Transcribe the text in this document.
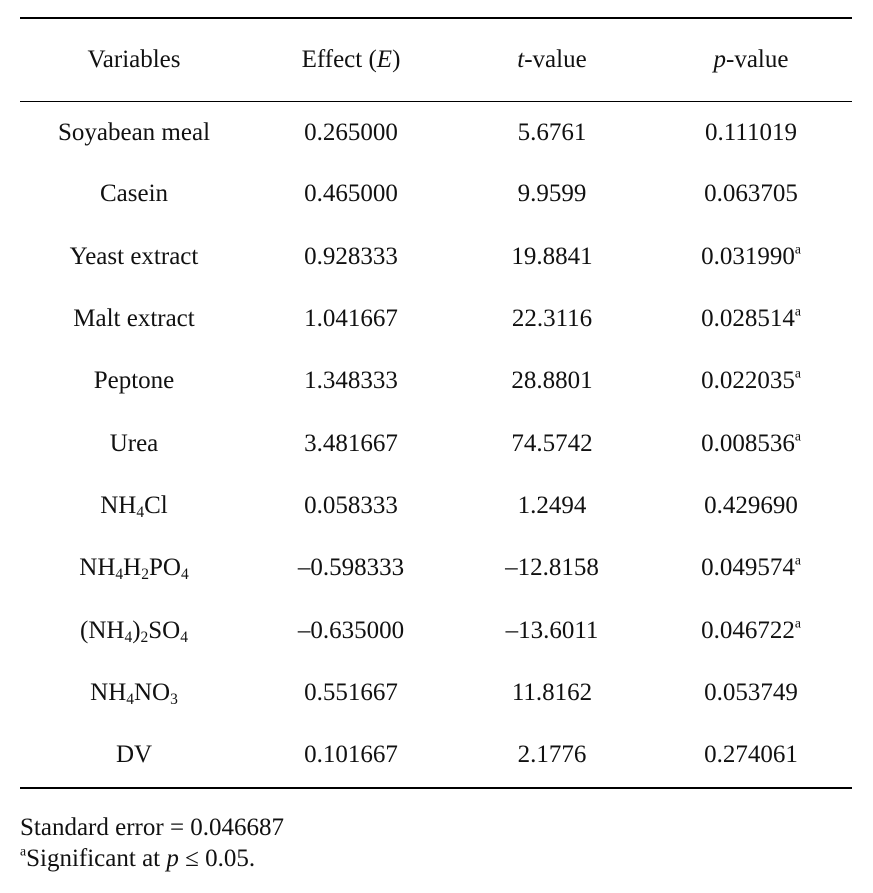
Variables	Effect (E)	t-value	p-value
Soyabean meal	0.265000	5.6761	0.111019
Casein	0.465000	9.9599	0.063705
Yeast extract	0.928333	19.8841	0.031990$^a$
Malt extract	1.041667	22.3116	0.028514$^a$
Peptone	1.348333	28.8801	0.022035$^a$
Urea	3.481667	74.5742	0.008536$^a$
$NH_4Cl$	0.058333	1.2494	0.429690
$NH_4H_2PO_4$	–0.598333	–12.8158	0.049574$^a$
$(NH_4)_2SO_4$	–0.635000	–13.6011	0.046722$^a$
$NH_4NO_3$	0.551667	11.8162	0.053749
DV	0.101667	2.1776	0.274061
Standard error = 0.046687
$^a$Significant at p ≤ 0.05.
